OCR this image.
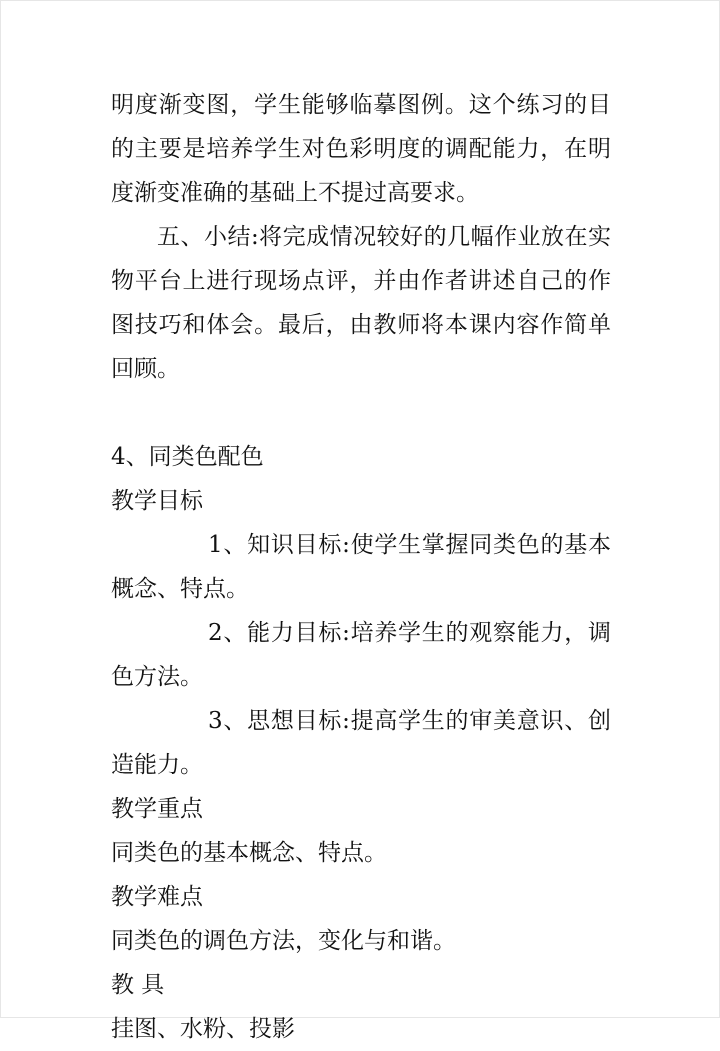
明度渐变图，学生能够临摹图例。这个练习的目的主要是培养学生对色彩明度的调配能力，在明度渐变准确的基础上不提过高要求。

五、小结:将完成情况较好的几幅作业放在实物平台上进行现场点评，并由作者讲述自己的作图技巧和体会。最后，由教师将本课内容作简单回顾。

4、同类色配色

教学目标

1、知识目标:使学生掌握同类色的基本概念、特点。

2、能力目标:培养学生的观察能力，调色方法。

3、思想目标:提高学生的审美意识、创造能力。

教学重点

同类色的基本概念、特点。

教学难点

同类色的调色方法，变化与和谐。

教 具

挂图、水粉、投影
